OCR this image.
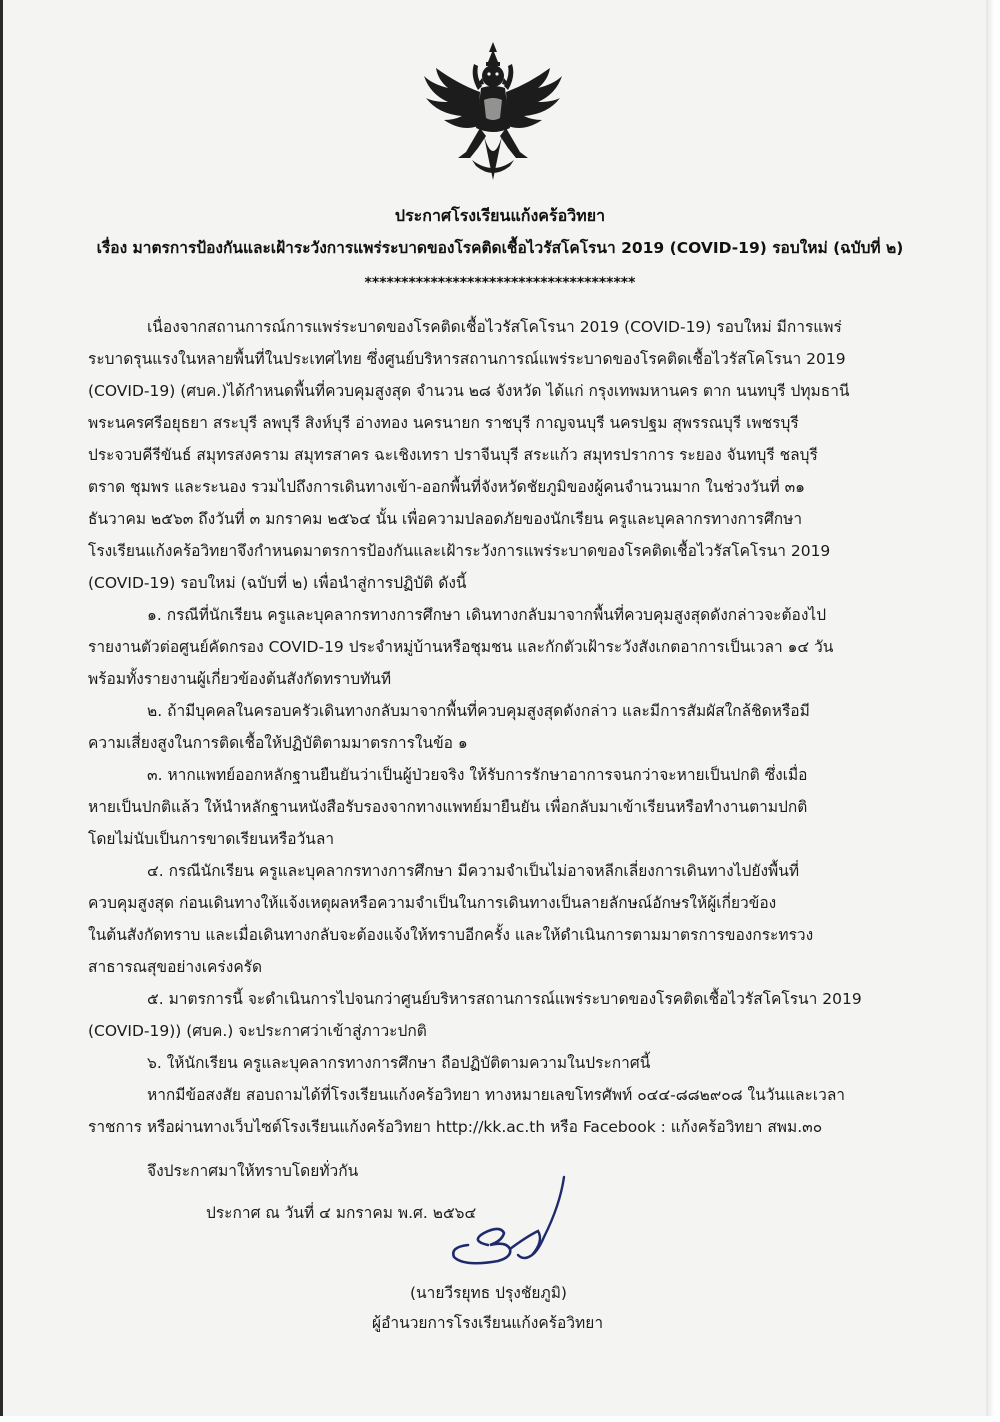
ประกาศโรงเรียนแก้งคร้อวิทยา
เรื่อง มาตรการป้องกันและเฝ้าระวังการแพร่ระบาดของโรคติดเชื้อไวรัสโคโรนา 2019 (COVID-19) รอบใหม่ (ฉบับที่ ๒)
*************************************
เนื่องจากสถานการณ์การแพร่ระบาดของโรคติดเชื้อไวรัสโคโรนา 2019 (COVID-19) รอบใหม่ มีการแพร่
ระบาดรุนแรงในหลายพื้นที่ในประเทศไทย ซึ่งศูนย์บริหารสถานการณ์แพร่ระบาดของโรคติดเชื้อไวรัสโคโรนา 2019
(COVID-19) (ศบค.)ได้กำหนดพื้นที่ควบคุมสูงสุด จำนวน ๒๘ จังหวัด ได้แก่ กรุงเทพมหานคร ตาก นนทบุรี ปทุมธานี
พระนครศรีอยุธยา สระบุรี ลพบุรี สิงห์บุรี อ่างทอง นครนายก ราชบุรี กาญจนบุรี นครปฐม สุพรรณบุรี เพชรบุรี
ประจวบคีรีขันธ์ สมุทรสงคราม สมุทรสาคร ฉะเชิงเทรา ปราจีนบุรี สระแก้ว สมุทรปราการ ระยอง จันทบุรี ชลบุรี
ตราด ชุมพร และระนอง รวมไปถึงการเดินทางเข้า-ออกพื้นที่จังหวัดชัยภูมิของผู้คนจำนวนมาก ในช่วงวันที่ ๓๑
ธันวาคม ๒๕๖๓ ถึงวันที่ ๓ มกราคม ๒๕๖๔ นั้น เพื่อความปลอดภัยของนักเรียน ครูและบุคลากรทางการศึกษา
โรงเรียนแก้งคร้อวิทยาจึงกำหนดมาตรการป้องกันและเฝ้าระวังการแพร่ระบาดของโรคติดเชื้อไวรัสโคโรนา 2019
(COVID-19) รอบใหม่ (ฉบับที่ ๒) เพื่อนำสู่การปฏิบัติ ดังนี้
๑. กรณีที่นักเรียน ครูและบุคลากรทางการศึกษา เดินทางกลับมาจากพื้นที่ควบคุมสูงสุดดังกล่าวจะต้องไป
รายงานตัวต่อศูนย์คัดกรอง COVID-19 ประจำหมู่บ้านหรือชุมชน และกักตัวเฝ้าระวังสังเกตอาการเป็นเวลา ๑๔ วัน
พร้อมทั้งรายงานผู้เกี่ยวข้องต้นสังกัดทราบทันที
๒. ถ้ามีบุคคลในครอบครัวเดินทางกลับมาจากพื้นที่ควบคุมสูงสุดดังกล่าว และมีการสัมผัสใกล้ชิดหรือมี
ความเสี่ยงสูงในการติดเชื้อให้ปฏิบัติตามมาตรการในข้อ ๑
๓. หากแพทย์ออกหลักฐานยืนยันว่าเป็นผู้ป่วยจริง ให้รับการรักษาอาการจนกว่าจะหายเป็นปกติ ซึ่งเมื่อ
หายเป็นปกติแล้ว ให้นำหลักฐานหนังสือรับรองจากทางแพทย์มายืนยัน เพื่อกลับมาเข้าเรียนหรือทำงานตามปกติ
โดยไม่นับเป็นการขาดเรียนหรือวันลา
๔. กรณีนักเรียน ครูและบุคลากรทางการศึกษา มีความจำเป็นไม่อาจหลีกเลี่ยงการเดินทางไปยังพื้นที่
ควบคุมสูงสุด ก่อนเดินทางให้แจ้งเหตุผลหรือความจำเป็นในการเดินทางเป็นลายลักษณ์อักษรให้ผู้เกี่ยวข้อง
ในต้นสังกัดทราบ และเมื่อเดินทางกลับจะต้องแจ้งให้ทราบอีกครั้ง และให้ดำเนินการตามมาตรการของกระทรวง
สาธารณสุขอย่างเคร่งครัด
๕. มาตรการนี้ จะดำเนินการไปจนกว่าศูนย์บริหารสถานการณ์แพร่ระบาดของโรคติดเชื้อไวรัสโคโรนา 2019
(COVID-19)) (ศบค.) จะประกาศว่าเข้าสู่ภาวะปกติ
๖. ให้นักเรียน ครูและบุคลากรทางการศึกษา ถือปฏิบัติตามความในประกาศนี้
หากมีข้อสงสัย สอบถามได้ที่โรงเรียนแก้งคร้อวิทยา ทางหมายเลขโทรศัพท์ ๐๔๔-๘๘๒๙๐๘ ในวันและเวลา
ราชการ หรือผ่านทางเว็บไซต์โรงเรียนแก้งคร้อวิทยา http://kk.ac.th หรือ Facebook : แก้งคร้อวิทยา สพม.๓๐
จึงประกาศมาให้ทราบโดยทั่วกัน
ประกาศ ณ วันที่ ๔ มกราคม พ.ศ. ๒๕๖๔
(นายวีรยุทธ ปรุงชัยภูมิ)
ผู้อำนวยการโรงเรียนแก้งคร้อวิทยา
